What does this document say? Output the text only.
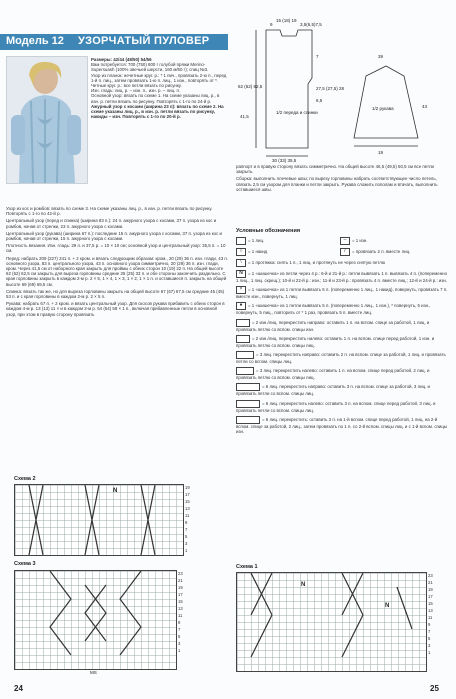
Модель 12 УЗОРЧАТЫЙ ПУЛОВЕР
Размеры: 42/44 (48/50) 54/56
Вам потребуется: 700 (750) 800 г голубой пряжи Merino-Supersuash (100% овечьей шерсти, 160 м/50 г); спиц №3.
Узор из планок: нечетные круг. р.: * 1 пич., провязать 2-ю п., перед 1-й п. пиц., затем провязать 1-ю п. лиц., 1 изн., повторять от *. Четные круг. р.: все петли вязать по рисунку.
Изн. гладь: лиц. р. – изн. п., изн. р. – лиц. п.
Основной узор: вязать по схеме 1. На схеме указаны лиц. р., в изн. р. петли вязать по рисунку. Повторять с 1-го по 24-й р.
Ажурный узор с косами (ширина 23 п): вязать по схеме 2. На схеме указаны лиц. р., в изн. р. петли вязать по рисунку, накиды – изн. Повторять с 1-го по 20-й р.
Узор из кос и ромбов: вязать по схеме 3. На схеме указаны лиц. р., в изн. р. петли вязать по рисунку. Повторять с 1-го по 42-й р.
Центральный узор (перед и спинка) (ширина 83 п.): 24 п. ажурного узора с косами, 37 п. узора из кос и ромбов, начав от стрелки, 23 п. ажурного узора с косами.
Центральный узор (рукава) (ширина 67 п.): последние 15 п. ажурного узора с косами, 37 п. узора из кос и ромбов, начав от стрелки, 15 п. ажурного узора с косами.
Плотность вязания. Изн. гладь: 29 п. и 37,5 р. = 10 × 10 см; основной узор и центральный узор: 35,5 п. = 10 см.
Перед: набрать 209 (227) 241 п. + 2 кром. и вязать следующим образом: кром., 20 (29) 36 п. изн. глади, 43 п. основного узора, 83 п. центрального узора, 43 п. основного узора симметрично, 20 (29) 36 п. изн. глади, кром. Через 41,5 см от наборного края закрыть для проймы с обеих сторон 10 (19) 22 п. На общей высоте 62 (62) 62,5 см закрыть для выреза горловины средние 25 (25) 33 п. и обе стороны закончить раздельно. С края горловины закрыть в каждом 2-м р. 2 × 5, 1 × 4, 1 × 3, 1 × 2, 1 × 1 п. и оставшиеся п. закрыть на общей высоте 69 (69) 69,5 см.
Спинка: вязать так же, но для выреза горловины закрыть на общей высоте 67 (67) 67,5 см средние 45 (45) 53 п. и с края горловины в каждом 2-м р. 2 × 5 п.
Рукава: набрать 67 п. + 2 кром. и вязать центральный узор. Для скосов рукава прибавить с обеих сторон в каждом 4-м р. 13 (13) 11 × и в каждом 2-м р. 54 (54) 58 × 1 п., включая прибавленные петли в основной узор, при этом в правую сторону провязать
9
15 (18) 19
3,5(6,5)7,5
7
27,5 (27,5) 28
6,5
62 (62) 62,5
41,5
30 (33) 35,5
43
39
19
1/2 переда и спинки
1/2 рукава
раппорт и в правую сторону вязать симметрично. На общей высоте 46,5 (49,5) 50,5 см все петли закрыть.
Сборка: выполнить плечевые швы; по вырезу горловины набрать соответствующее число петель, связать 2,5 см узором для планки и петли закрыть. Рукава сложить пополам и втачать, выполнить оставшиеся швы.
Условные обозначения
= 1 лиц.	– = 1 изн. ○ = 1 накид	/ = провязать 2 п. вместе лиц.
\ = 1 протяжка: снять 1 п., 1 лиц. и протянуть не через снятую петлю
N = 1 «шишечка» из петли через 4 р.: 6-й и 21-й р.: петли вывязать 1 п. вывязать 4 п. (попеременно 1 лиц., 1 лиц. скрещ.); 10-й и 22-й р.: изн.; 11-й и 23-й р.: провязать 4 п. вместе лиц.; 12-й и 24-й р.: изн.
× = 1 «шишечка» из 1 петли вывязать 5 п. (попеременно 1 лиц., 1 накид), повернуть, провязать 7 п. вместе изн., повернуть, 1 лиц.
● = 1 «шишечка» из 1 петли вывязать 5 п. (попеременно 1 лиц., 1 изн.), * повернуть, 5 изн., повернуть, 5 лиц., повторить от * 1 раз, провязать 5 п. вместе лиц.
= 2 изн./лиц. перекрестить направо: оставить 1 п. на вспом. спице за работой, 1 лиц. и провязать петлю со вспом. спицы изн.
= 2 изн./лиц. перекрестить налево: оставить 1 п. на вспом. спице перед работой, 1 изн. и провязать петлю со вспом. спицы лиц.
= 3 лиц. перекрестить направо: оставить 2 п. на вспом. спице за работой, 1 лиц. и провязать петли со вспом. спицы лиц.
= 3 лиц. перекрестить налево: оставить 1 п. на вспом. спице перед работой, 2 лиц. и провязать петлю со вспом. спицы лиц.
= 6 лиц. перекрестить направо: оставить 3 п. на вспом. спице за работой, 3 лиц. и провязать петли со вспом. спицы лиц.
= 6 лиц. перекрестить налево: оставить 3 п. на вспом. спице перед работой, 3 лиц. и провязать петли со вспом. спицы лиц.
= 6 лиц. перекрестить: оставить 3 п. на 1-й вспом. спице перед работой, 1 лиц. на 2-й вспом. спице за работой, 2 лиц., затем провязать по 1 п. со 2-й вспом. спицы лиц. и с 1-й вспом. спицы изн.
Схема 2
N
19
17
15
13
11
9
7
5
3
1
Схема 3
23
21
19
17
15
13
11
9
7
5
3
1
MS
Схема 1
N
N
23
21
19
17
15
13
11
9
7
5
3
1
24	25
